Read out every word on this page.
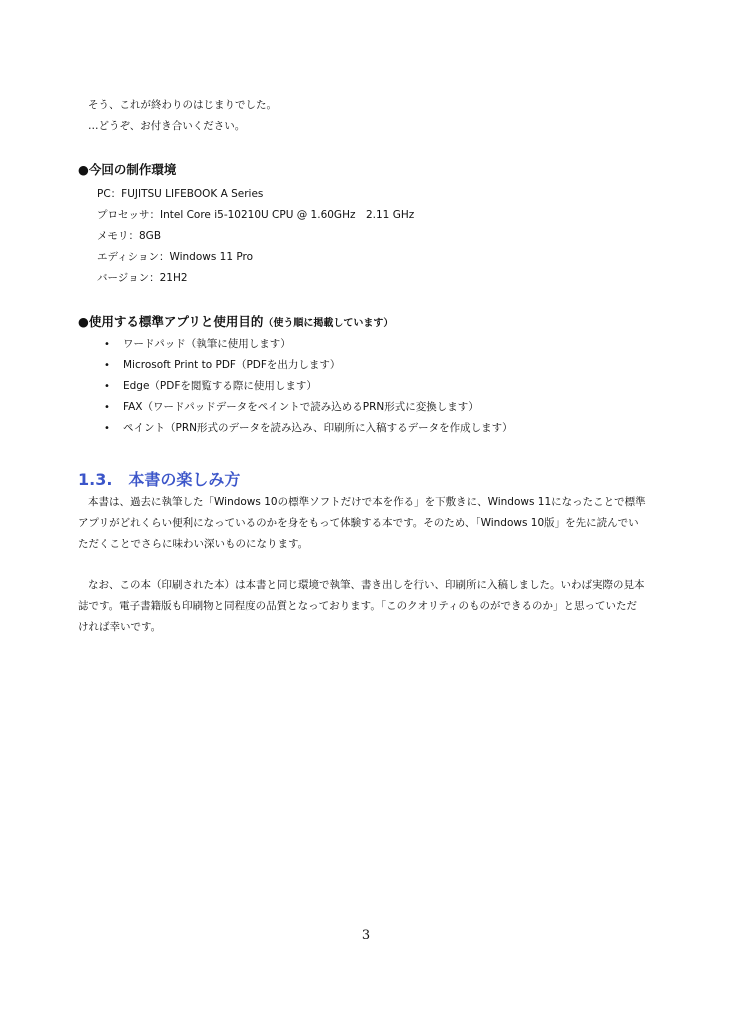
そう、これが終わりのはじまりでした。
…どうぞ、お付き合いください。
●今回の制作環境
PC：FUJITSU LIFEBOOK A Series
プロセッサ：Intel Core i5-10210U CPU @ 1.60GHz　2.11 GHz
メモリ：8GB
エディション：Windows 11 Pro
バージョン：21H2
●使用する標準アプリと使用目的（使う順に掲載しています）
• ワードパッド（執筆に使用します）
• Microsoft Print to PDF（PDFを出力します）
• Edge（PDFを閲覧する際に使用します）
• FAX（ワードパッドデータをペイントで読み込めるPRN形式に変換します）
• ペイント（PRN形式のデータを読み込み、印刷所に入稿するデータを作成します）
1.3. 本書の楽しみ方
本書は、過去に執筆した「Windows 10の標準ソフトだけで本を作る」を下敷きに、Windows 11になったことで標準
アプリがどれくらい便利になっているのかを身をもって体験する本です。そのため、「Windows 10版」を先に読んでい
ただくことでさらに味わい深いものになります。
なお、この本（印刷された本）は本書と同じ環境で執筆、書き出しを行い、印刷所に入稿しました。いわば実際の見本
誌です。電子書籍版も印刷物と同程度の品質となっております。「このクオリティのものができるのか」と思っていただ
ければ幸いです。
3
